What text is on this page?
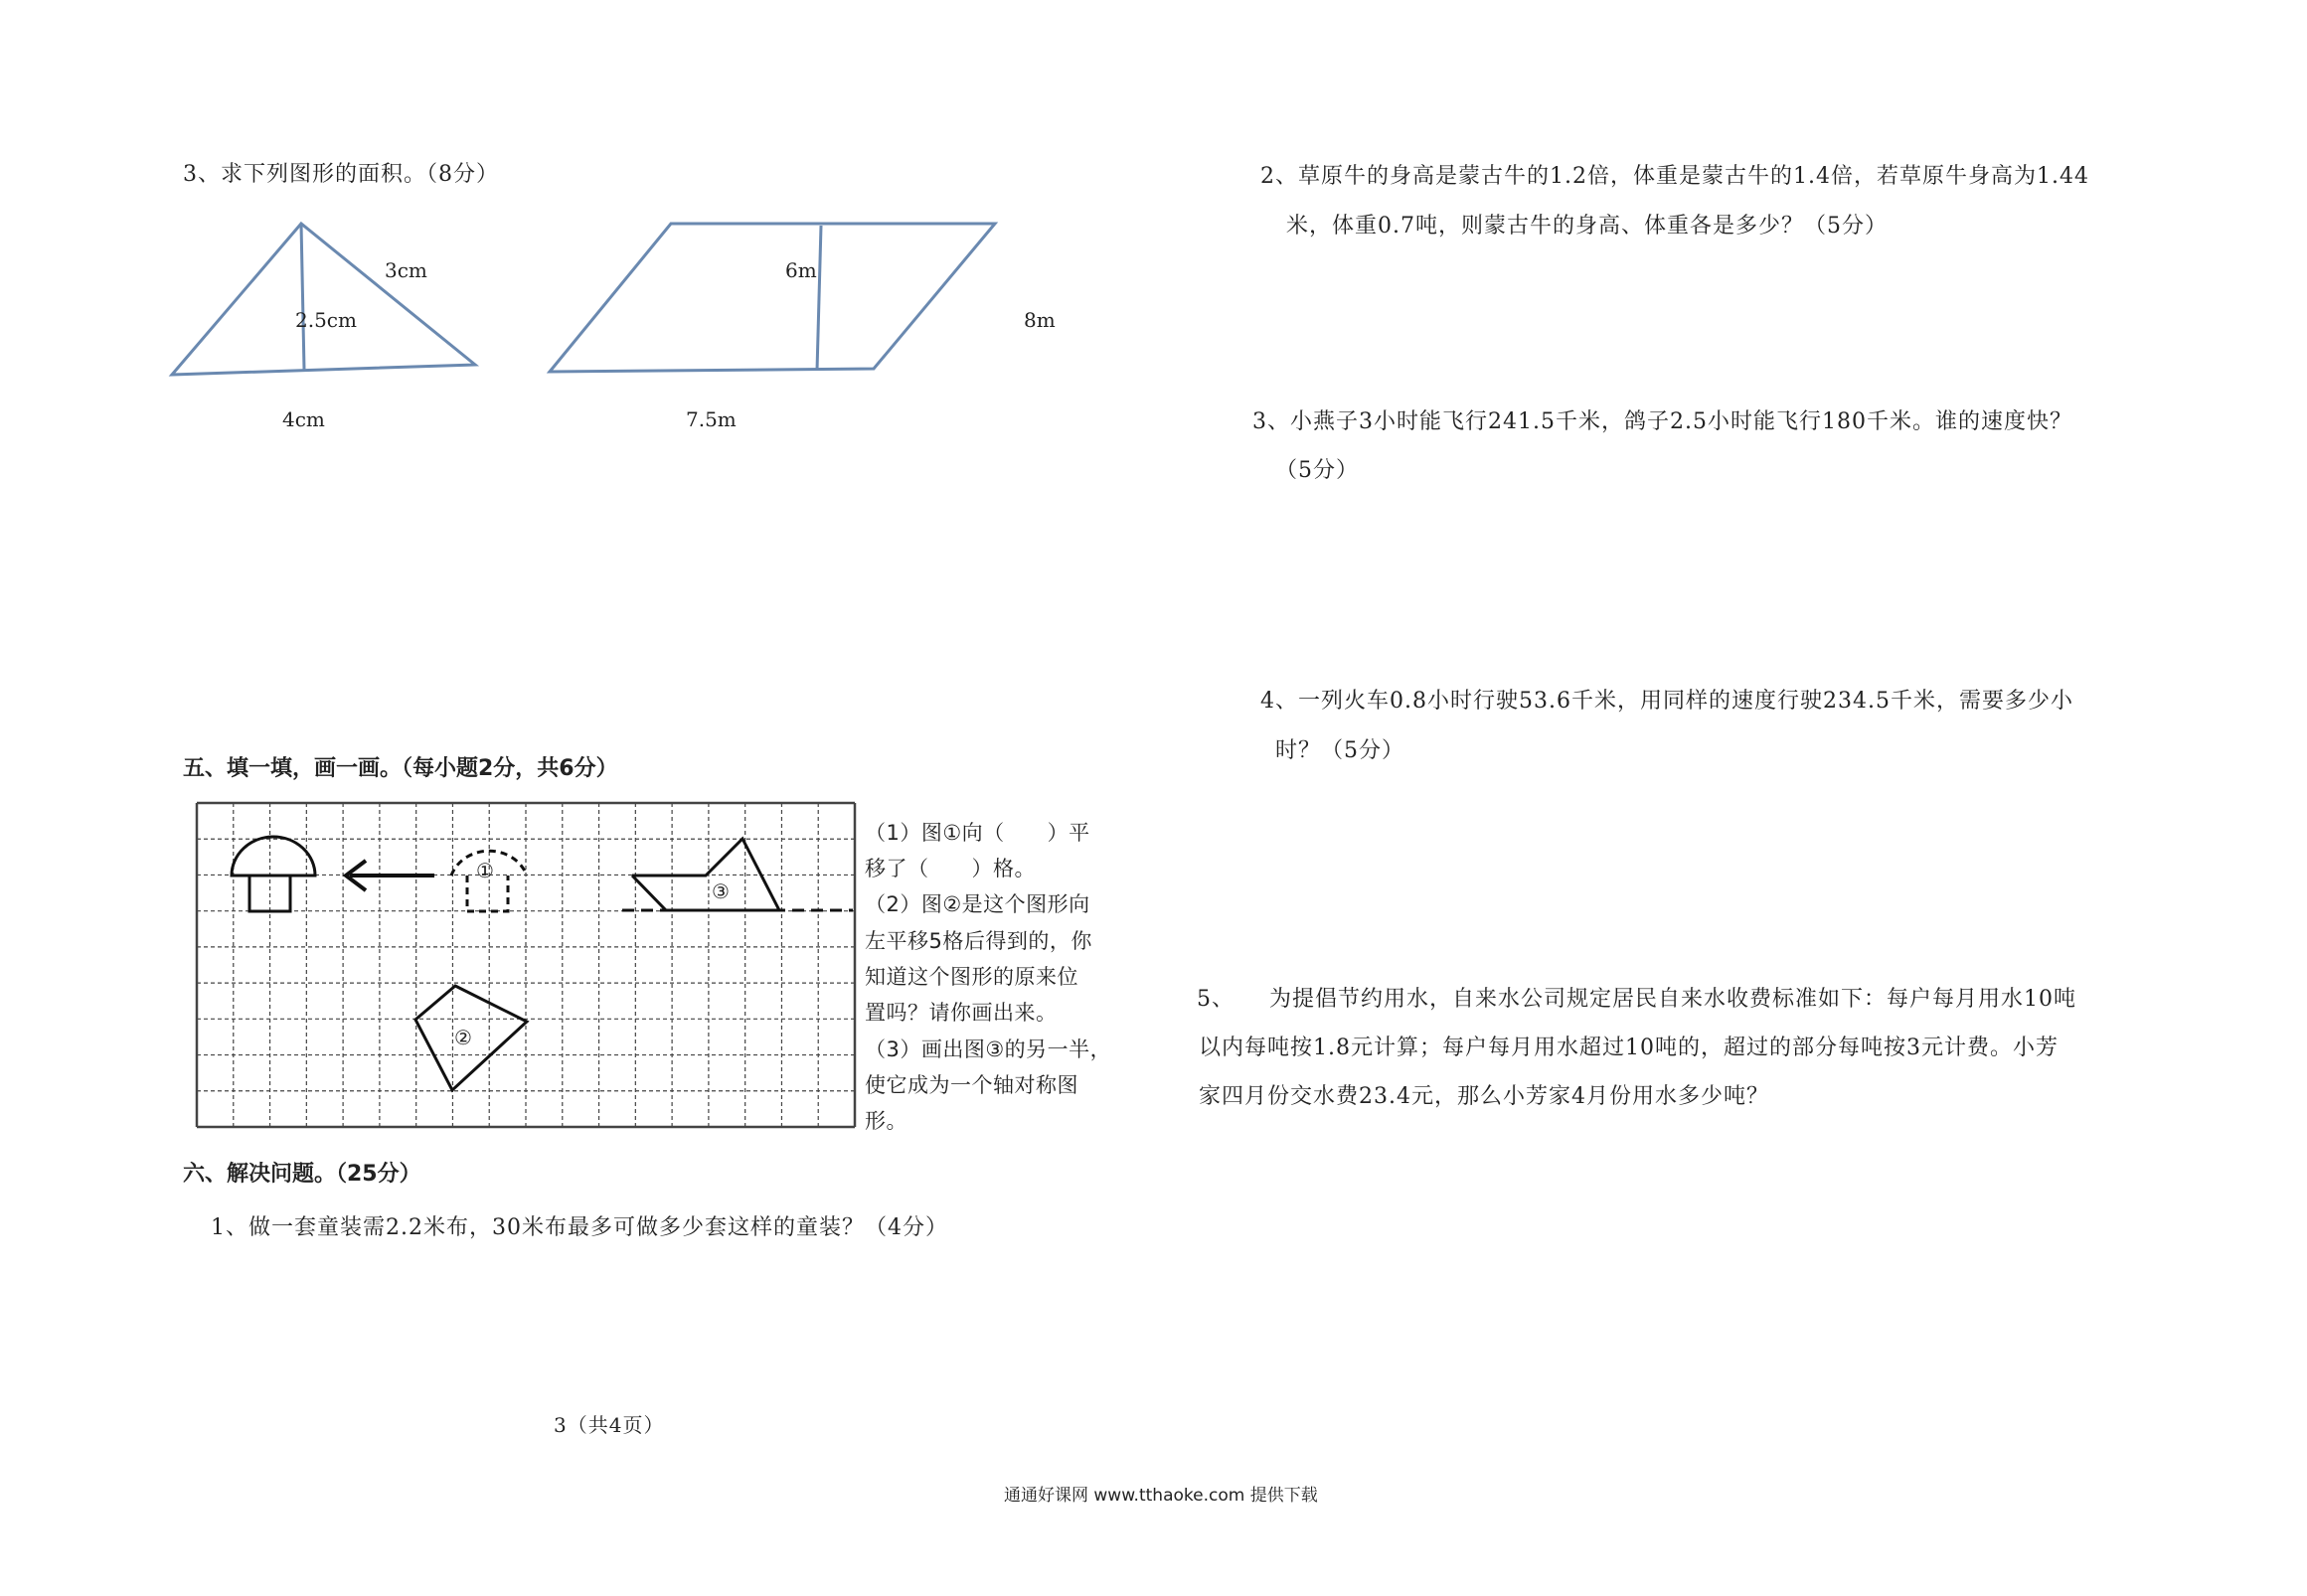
3、求下列图形的面积。（8分）
3cm
2.5cm
4cm
6m
8m
7.5m
五、填一填，画一画。（每小题2分，共6分）
①
②
③
（1）图①向（　　）平
移了（　　）格。
（2）图②是这个图形向
左平移5格后得到的，你
知道这个图形的原来位
置吗？请你画出来。
（3）画出图③的另一半，
使它成为一个轴对称图
形。
六、解决问题。（25分）
1、做一套童装需2.2米布，30米布最多可做多少套这样的童装？（4分）
3（共4页）
2、草原牛的身高是蒙古牛的1.2倍，体重是蒙古牛的1.4倍，若草原牛身高为1.44
米，体重0.7吨，则蒙古牛的身高、体重各是多少？（5分）
3、小燕子3小时能飞行241.5千米，鸽子2.5小时能飞行180千米。谁的速度快？
（5分）
4、一列火车0.8小时行驶53.6千米，用同样的速度行驶234.5千米，需要多少小
时？（5分）
5、　　为提倡节约用水，自来水公司规定居民自来水收费标准如下：每户每月用水10吨
以内每吨按1.8元计算；每户每月用水超过10吨的，超过的部分每吨按3元计费。小芳
家四月份交水费23.4元，那么小芳家4月份用水多少吨？
通通好课网 www.tthaoke.com 提供下载
